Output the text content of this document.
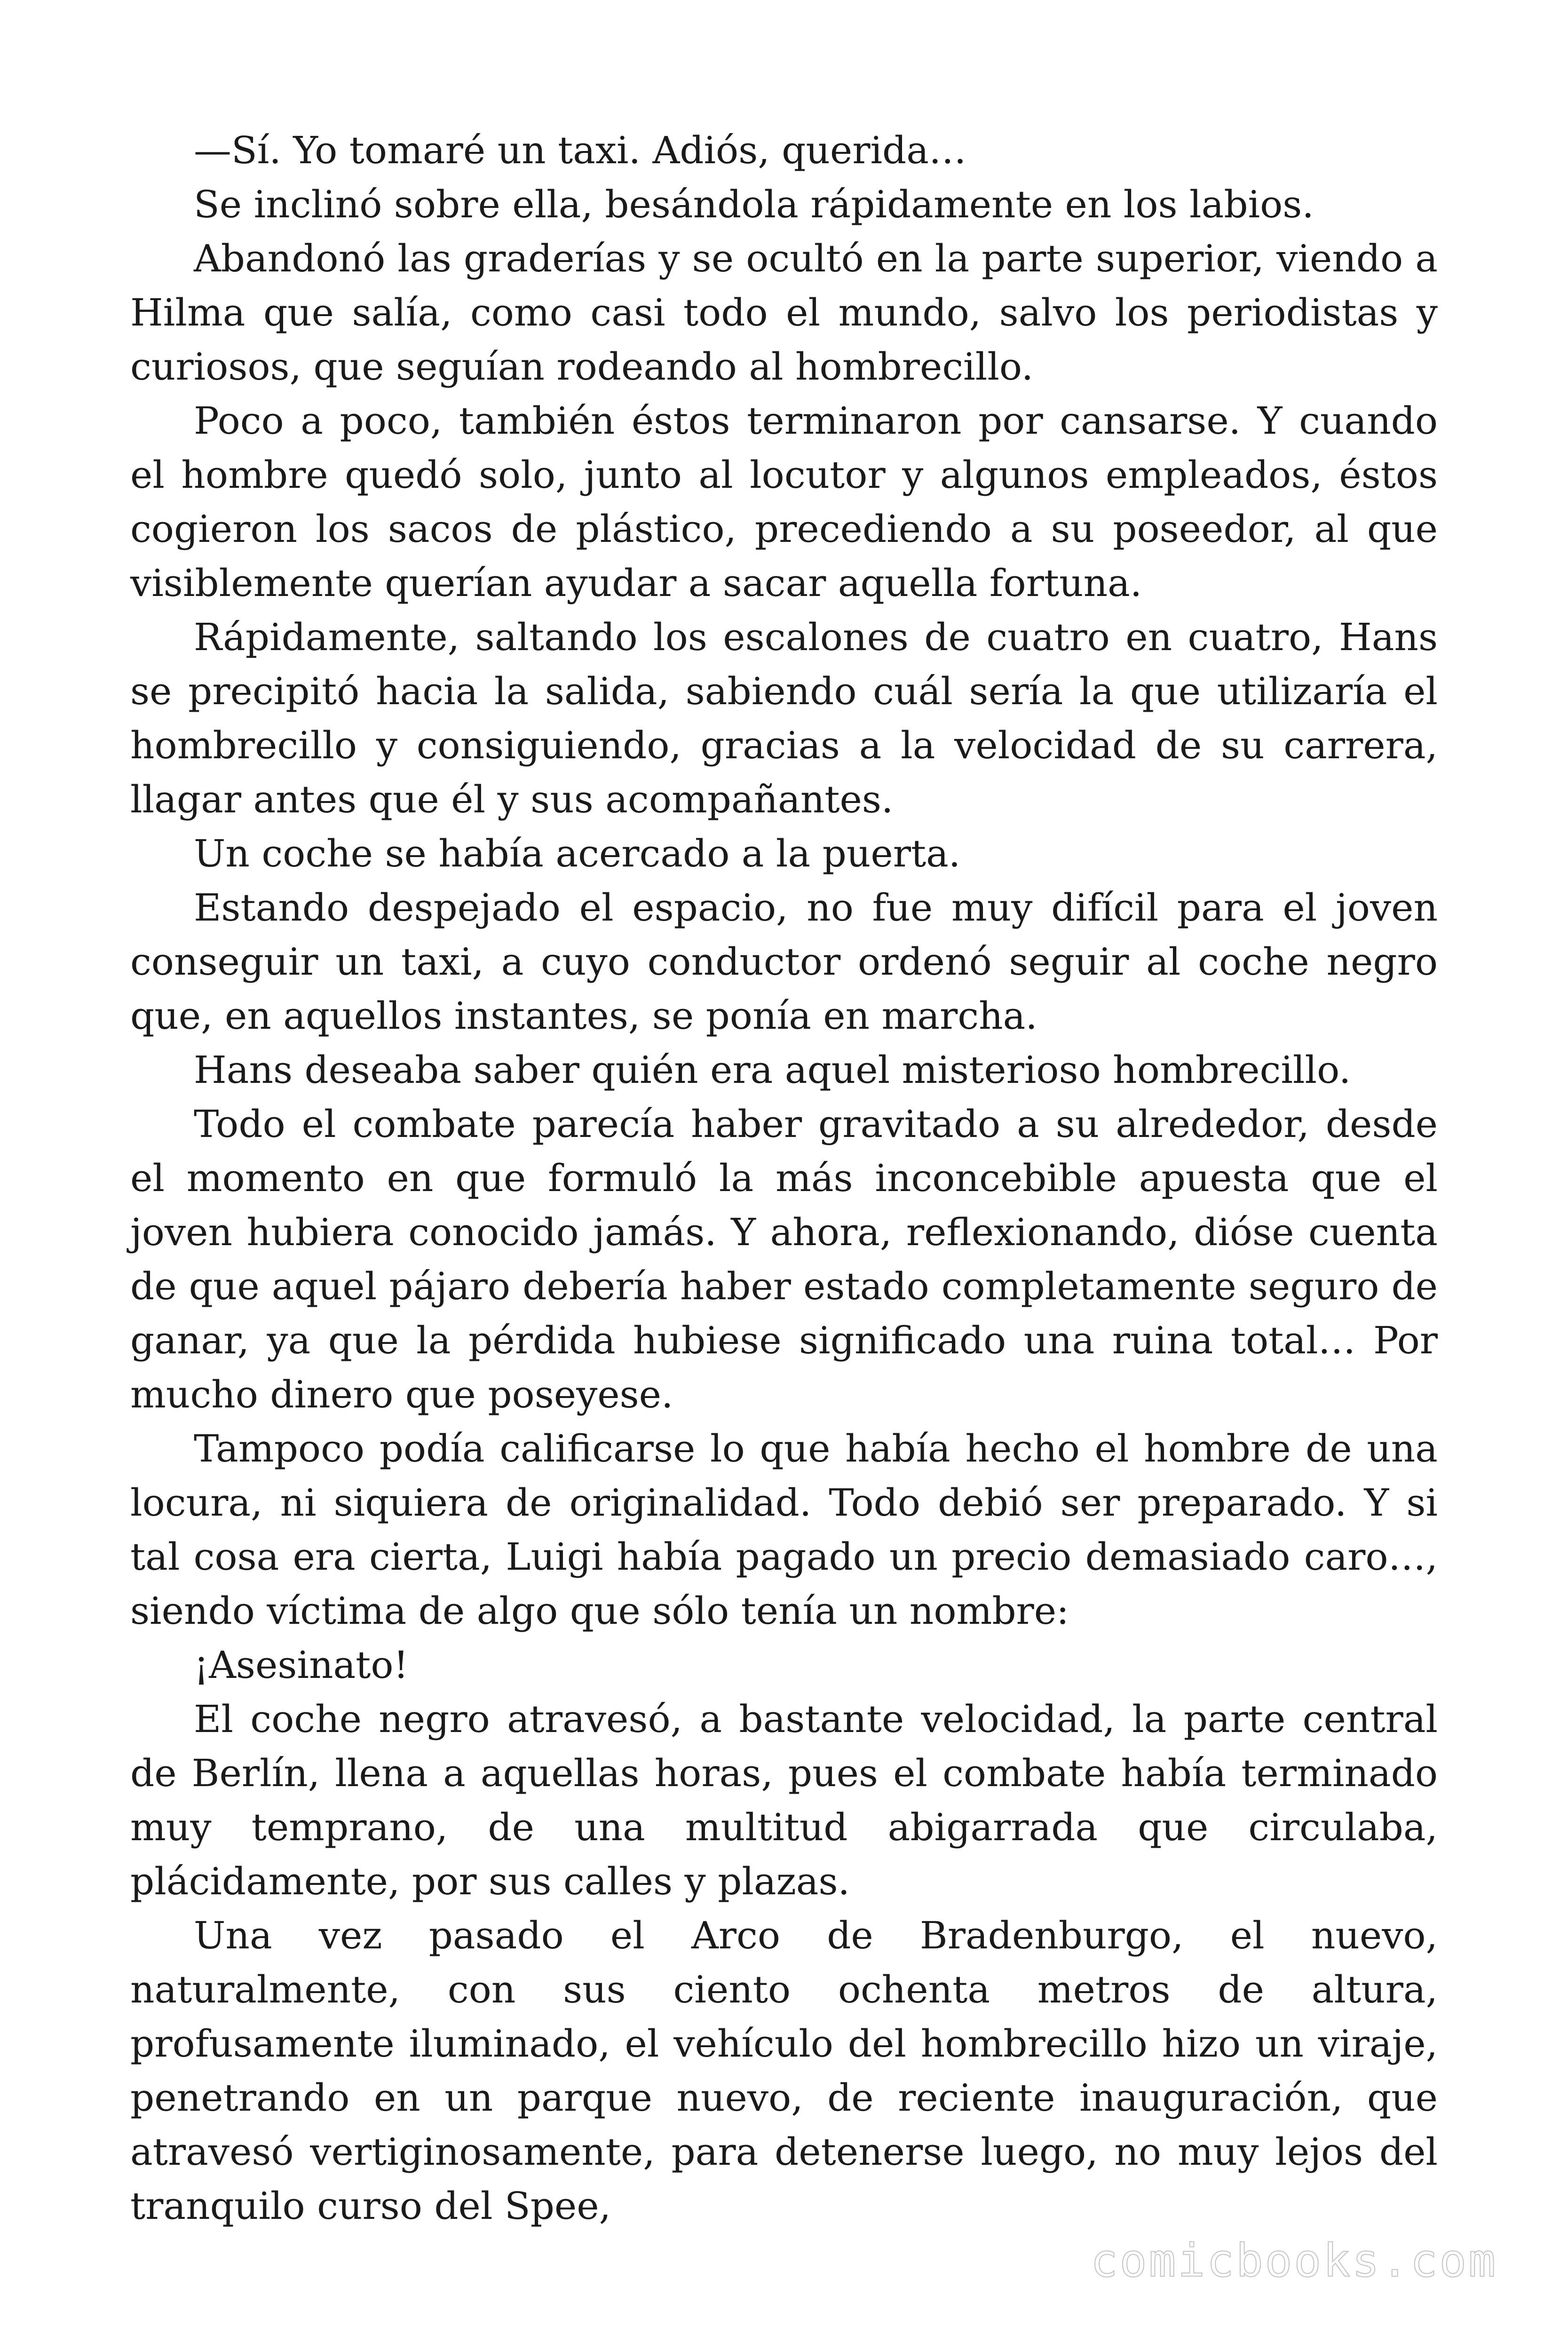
—Sí. Yo tomaré un taxi. Adiós, querida…

Se inclinó sobre ella, besándola rápidamente en los labios.

Abandonó las graderías y se ocultó en la parte superior, viendo a Hilma que salía, como casi todo el mundo, salvo los periodistas y curiosos, que seguían rodeando al hombrecillo.

Poco a poco, también éstos terminaron por cansarse. Y cuando el hombre quedó solo, junto al locutor y algunos empleados, éstos cogieron los sacos de plástico, precediendo a su poseedor, al que visiblemente querían ayudar a sacar aquella fortuna.

Rápidamente, saltando los escalones de cuatro en cuatro, Hans se precipitó hacia la salida, sabiendo cuál sería la que utilizaría el hombrecillo y consiguiendo, gracias a la velocidad de su carrera, llagar antes que él y sus acompañantes.

Un coche se había acercado a la puerta.

Estando despejado el espacio, no fue muy difícil para el joven conseguir un taxi, a cuyo conductor ordenó seguir al coche negro que, en aquellos instantes, se ponía en marcha.

Hans deseaba saber quién era aquel misterioso hombrecillo.

Todo el combate parecía haber gravitado a su alrededor, desde el momento en que formuló la más inconcebible apuesta que el joven hubiera conocido jamás. Y ahora, reflexionando, dióse cuenta de que aquel pájaro debería haber estado completamente seguro de ganar, ya que la pérdida hubiese significado una ruina total… Por mucho dinero que poseyese.

Tampoco podía calificarse lo que había hecho el hombre de una locura, ni siquiera de originalidad. Todo debió ser preparado. Y si tal cosa era cierta, Luigi había pagado un precio demasiado caro…, siendo víctima de algo que sólo tenía un nombre:

¡Asesinato!

El coche negro atravesó, a bastante velocidad, la parte central de Berlín, llena a aquellas horas, pues el combate había terminado muy temprano, de una multitud abigarrada que circulaba, plácidamente, por sus calles y plazas.

Una vez pasado el Arco de Bradenburgo, el nuevo, naturalmente, con sus ciento ochenta metros de altura, profusamente iluminado, el vehículo del hombrecillo hizo un viraje, penetrando en un parque nuevo, de reciente inauguración, que atravesó vertiginosamente, para detenerse luego, no muy lejos del tranquilo curso del Spee,

comicbooks.com
